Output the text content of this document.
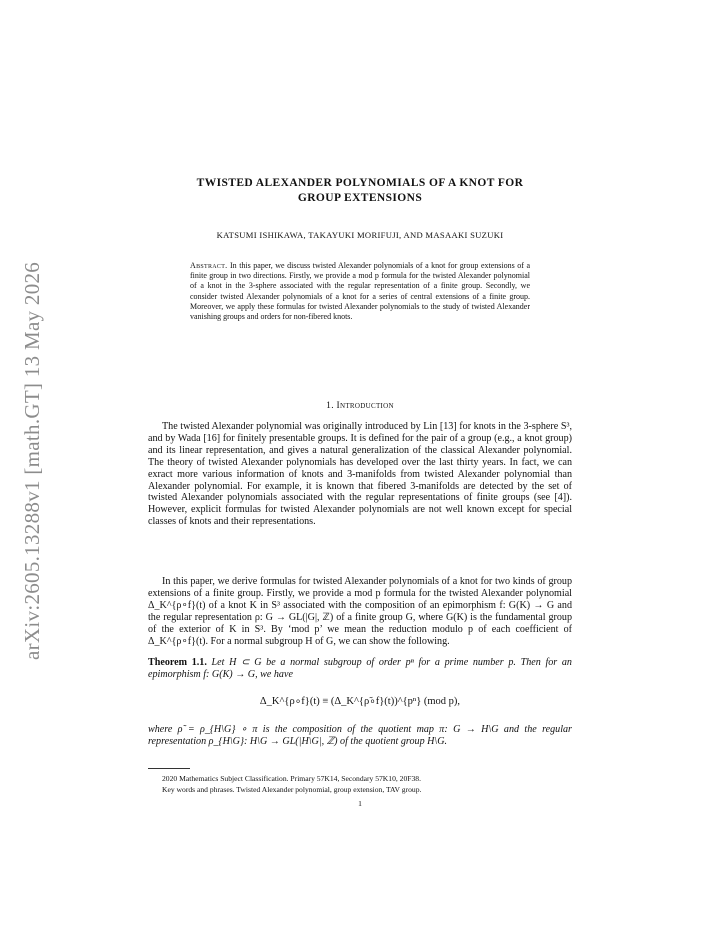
arXiv:2605.13288v1 [math.GT] 13 May 2026
TWISTED ALEXANDER POLYNOMIALS OF A KNOT FOR
GROUP EXTENSIONS
KATSUMI ISHIKAWA, TAKAYUKI MORIFUJI, AND MASAAKI SUZUKI
Abstract. In this paper, we discuss twisted Alexander polynomials of a knot for group extensions of a finite group in two directions. Firstly, we provide a mod p formula for the twisted Alexander polynomial of a knot in the 3-sphere associated with the regular representation of a finite group. Secondly, we consider twisted Alexander polynomials of a knot for a series of central extensions of a finite group. Moreover, we apply these formulas for twisted Alexander polynomials to the study of twisted Alexander vanishing groups and orders for non-fibered knots.
1. Introduction

The twisted Alexander polynomial was originally introduced by Lin [13] for knots in the 3-sphere S³, and by Wada [16] for finitely presentable groups. It is defined for the pair of a group (e.g., a knot group) and its linear representation, and gives a natural generalization of the classical Alexander polynomial. The theory of twisted Alexander polynomials has developed over the last thirty years. In fact, we can exract more various information of knots and 3-manifolds from twisted Alexander polynomial than Alexander polynomial. For example, it is known that fibered 3-manifolds are detected by the set of twisted Alexander polynomials associated with the regular representations of finite groups (see [4]). However, explicit formulas for twisted Alexander polynomials are not well known except for special classes of knots and their representations.

In this paper, we derive formulas for twisted Alexander polynomials of a knot for two kinds of group extensions of a finite group. Firstly, we provide a mod p formula for the twisted Alexander polynomial Δ_K^{ρ∘f}(t) of a knot K in S³ associated with the composition of an epimorphism f: G(K) → G and the regular representation ρ: G → GL(|G|, ℤ) of a finite group G, where G(K) is the fundamental group of the exterior of K in S³. By ‘mod p’ we mean the reduction modulo p of each coefficient of Δ_K^{ρ∘f}(t). For a normal subgroup H of G, we can show the following.

Theorem 1.1. Let H ⊂ G be a normal subgroup of order pⁿ for a prime number p. Then for an epimorphism f: G(K) → G, we have
Δ_K^{ρ∘f}(t) ≡ (Δ_K^{ρ̃∘f}(t))^{pⁿ} (mod p),
where ρ̃ = ρ_{H\G} ∘ π is the composition of the quotient map π: G → H\G and the regular representation ρ_{H\G}: H\G → GL(|H\G|, ℤ) of the quotient group H\G.
2020 Mathematics Subject Classification. Primary 57K14, Secondary 57K10, 20F38.
Key words and phrases. Twisted Alexander polynomial, group extension, TAV group.
1
